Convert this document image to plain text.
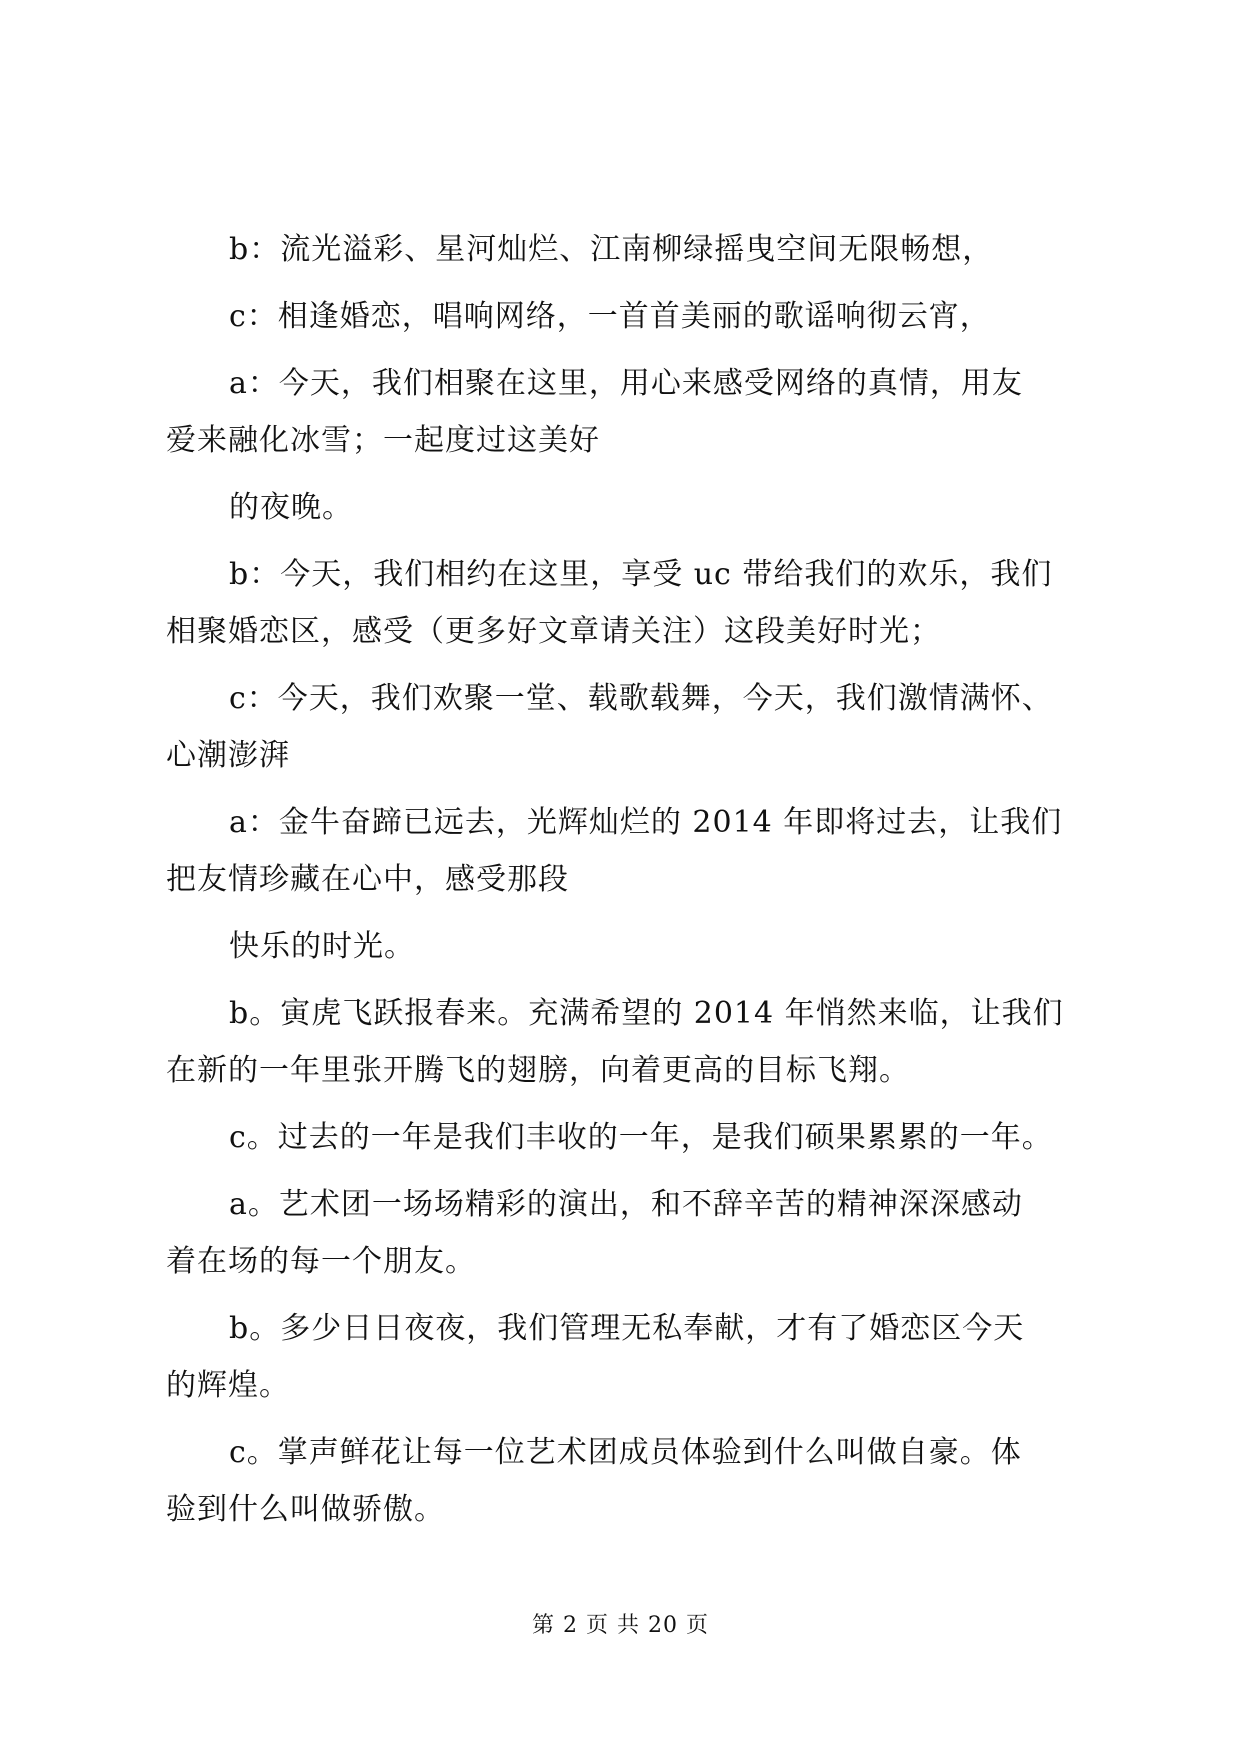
b：流光溢彩、星河灿烂、江南柳绿摇曳空间无限畅想，
c：相逢婚恋，唱响网络，一首首美丽的歌谣响彻云宵，
a：今天，我们相聚在这里，用心来感受网络的真情，用友
爱来融化冰雪；一起度过这美好
的夜晚。
b：今天，我们相约在这里，享受 uc 带给我们的欢乐，我们
相聚婚恋区，感受（更多好文章请关注）这段美好时光；
c：今天，我们欢聚一堂、载歌载舞，今天，我们激情满怀、
心潮澎湃
a：金牛奋蹄已远去，光辉灿烂的 2014 年即将过去，让我们
把友情珍藏在心中，感受那段
快乐的时光。
b。寅虎飞跃报春来。充满希望的 2014 年悄然来临，让我们
在新的一年里张开腾飞的翅膀，向着更高的目标飞翔。
c。过去的一年是我们丰收的一年，是我们硕果累累的一年。
a。艺术团一场场精彩的演出，和不辞辛苦的精神深深感动
着在场的每一个朋友。
b。多少日日夜夜，我们管理无私奉献，才有了婚恋区今天
的辉煌。
c。掌声鲜花让每一位艺术团成员体验到什么叫做自豪。体
验到什么叫做骄傲。
第 2 页 共 20 页
